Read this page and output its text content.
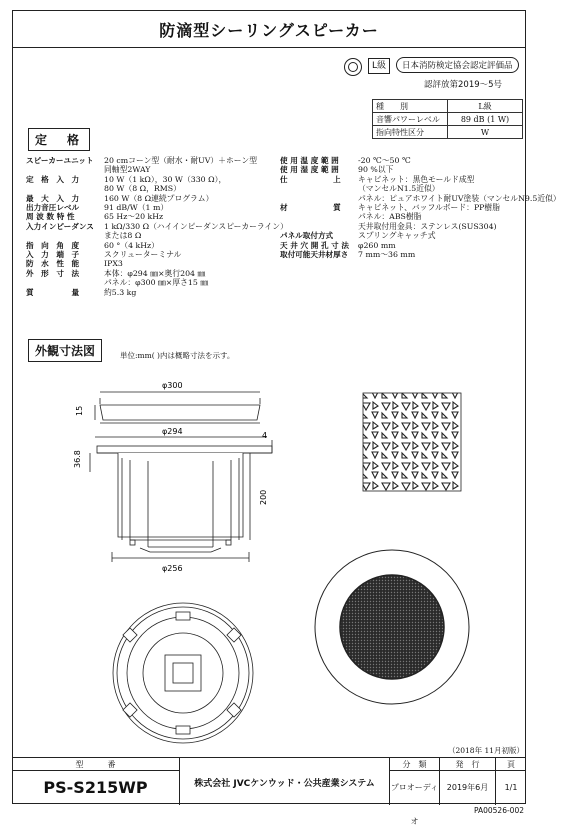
防滴型シーリングスピーカー
L級	日本消防検定協会認定評価品
認評放第2019～5号
種　　別	L級
音響パワーレベル	89 dB (1 W)
指向特性区分	W
定　格
スピーカーユニット 20 cmコーン型（耐水・耐UV）＋ホーン型
同軸型2WAY
定　格　入　力	10 W（1 kΩ），30 W（330 Ω），
80 W（8 Ω，RMS）
最　大　入　力	160 W（8 Ω連続プログラム）
出力音圧レベル	91 dB/W（1 m）
周 波 数 特 性	65 Hz～20 kHz
入力インピーダンス 1 kΩ/330 Ω（ハイインピーダンスピーカーライン）
または8 Ω
指　向　角　度	60 °（4 kHz）
入　力　端　子	スクリューターミナル
防　水　性　能	IPX3
外　形　寸　法	本体：φ294 ㎜×奥行204 ㎜
パネル：φ300 ㎜×厚さ15 ㎜
質　　　　　量	約5.3 kg
使 用 温 度 範 囲 -20 ℃～50 ℃
使 用 湿 度 範 囲 90 %以下
仕　　　　　　上 キャビネット：黒色モールド成型
（マンセルN1.5近似）
パネル：ピュアホワイト耐UV塗装（マンセルN9.5近似）
材　　　　　　質 キャビネット、バッフルボード：PP樹脂
パネル：ABS樹脂
天井取付用金具：ステンレス(SUS304)
パネル取付方式	スプリングキャッチ式
天 井 穴 開 孔 寸 法 φ260 mm
取付可能天井材厚さ 7 mm～36 mm
外観寸法図	単位:mm( )内は概略寸法を示す。
φ300
φ294
φ256
15
36.8
200
4
（2018年 11月初版）
型　　　番
PS-S215WP	株式会社 JVCケンウッド・公共産業システム
分　類
プロオーディオ
発　行
2019年6月
頁
1/1
PA00526-002
